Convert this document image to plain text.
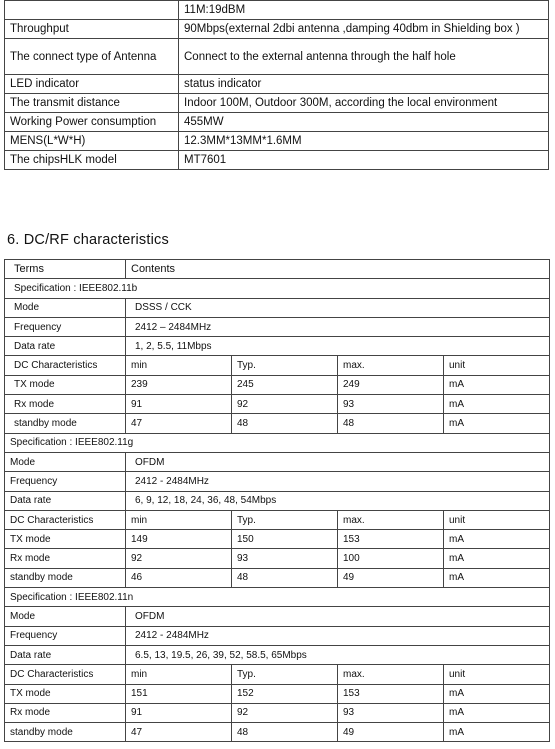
	11M:19dBM
Throughput	90Mbps(external 2dbi antenna ,damping 40dbm in Shielding box )
The connect type of Antenna	Connect to the external antenna through the half hole
LED indicator	status indicator
The transmit distance	Indoor 100M, Outdoor 300M, according the local environment
Working Power consumption	455MW
MENS(L*W*H)	12.3MM*13MM*1.6MM
The chipsHLK model	MT7601
6. DC/RF characteristics
Terms	Contents			
Specification : IEEE802.11b				
Mode	DSSS / CCK			
Frequency	2412 – 2484MHz			
Data rate	1, 2, 5.5, 11Mbps			
DC Characteristics	min	Typ.	max.	unit
TX mode	239	245	249	mA
Rx mode	91	92	93	mA
standby mode	47	48	48	mA
Specification : IEEE802.11g				
Mode	OFDM			
Frequency	2412 - 2484MHz			
Data rate	6, 9, 12, 18, 24, 36, 48, 54Mbps			
DC Characteristics	min	Typ.	max.	unit
TX mode	149	150	153	mA
Rx mode	92	93	100	mA
standby mode	46	48	49	mA
Specification : IEEE802.11n				
Mode	OFDM			
Frequency	2412 - 2484MHz			
Data rate	6.5, 13, 19.5, 26, 39, 52, 58.5, 65Mbps			
DC Characteristics	min	Typ.	max.	unit
TX mode	151	152	153	mA
Rx mode	91	92	93	mA
standby mode	47	48	49	mA
